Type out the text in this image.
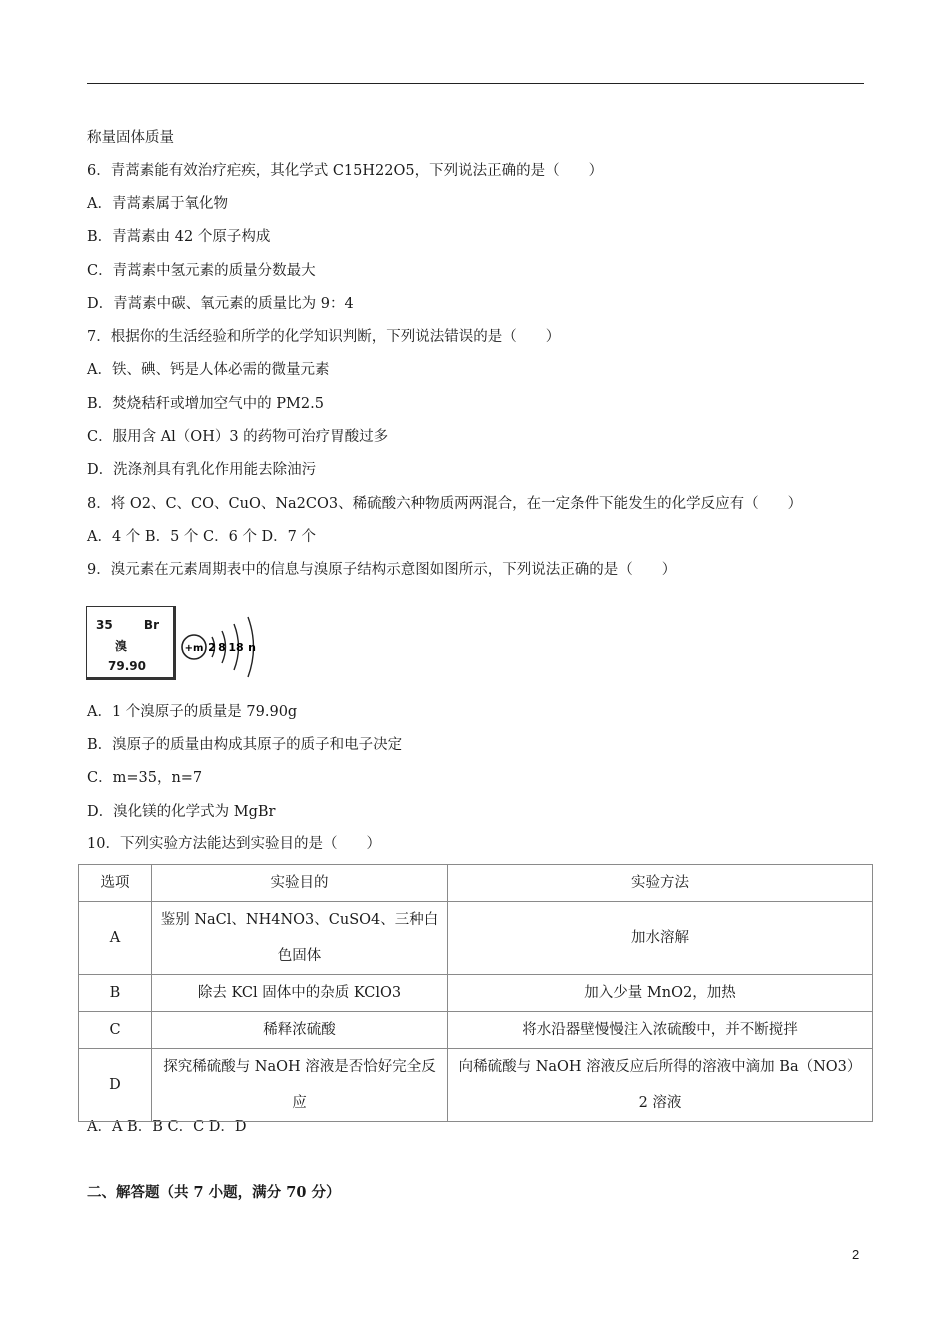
称量固体质量
6．青蒿素能有效治疗疟疾，其化学式 C15H22O5，下列说法正确的是（　　）
A．青蒿素属于氧化物
B．青蒿素由 42 个原子构成
C．青蒿素中氢元素的质量分数最大
D．青蒿素中碳、氧元素的质量比为 9：4
7．根据你的生活经验和所学的化学知识判断，下列说法错误的是（　　）
A．铁、碘、钙是人体必需的微量元素
B．焚烧秸秆或增加空气中的 PM2.5
C．服用含 Al（OH）3 的药物可治疗胃酸过多
D．洗涤剂具有乳化作用能去除油污
8．将 O2、C、CO、CuO、Na2CO3、稀硫酸六种物质两两混合，在一定条件下能发生的化学反应有（　　）
A．4 个 B．5 个 C．6 个 D．7 个
9．溴元素在元素周期表中的信息与溴原子结构示意图如图所示，下列说法正确的是（　　）
A．1 个溴原子的质量是 79.90g
B．溴原子的质量由构成其原子的质子和电子决定
C．m=35，n=7
D．溴化镁的化学式为 MgBr
10．下列实验方法能达到实验目的是（　　）
A．A B．B C．C D．D
二、解答题（共 7 小题，满分 70 分）
35	Br
溴
79.90
+m 2 8 18 n
选项	实验目的	实验方法
A	鉴别 NaCl、NH4NO3、CuSO4、三种白色固体	加水溶解
B	除去 KCl 固体中的杂质 KClO3	加入少量 MnO2，加热
C	稀释浓硫酸	将水沿器壁慢慢注入浓硫酸中，并不断搅拌
D	探究稀硫酸与 NaOH 溶液是否恰好完全反应	向稀硫酸与 NaOH 溶液反应后所得的溶液中滴加 Ba（NO3）2 溶液
2
